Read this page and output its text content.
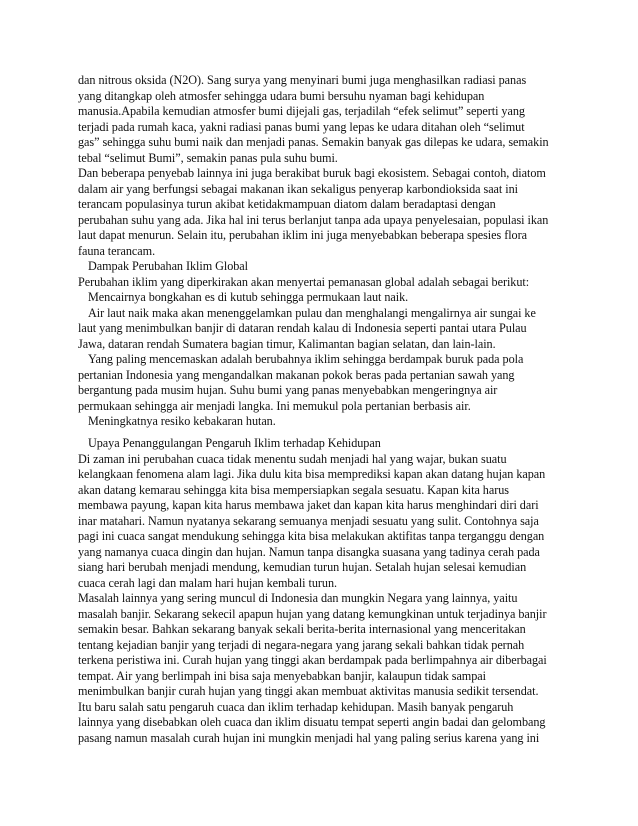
dan nitrous oksida (N2O). Sang surya yang menyinari bumi juga menghasilkan radiasi panas
yang ditangkap oleh atmosfer sehingga udara bumi bersuhu nyaman bagi kehidupan
manusia.Apabila kemudian atmosfer bumi dijejali gas, terjadilah “efek selimut” seperti yang
terjadi pada rumah kaca, yakni radiasi panas bumi yang lepas ke udara ditahan oleh “selimut
gas” sehingga suhu bumi naik dan menjadi panas. Semakin banyak gas dilepas ke udara, semakin
tebal “selimut Bumi”, semakin panas pula suhu bumi.
Dan beberapa penyebab lainnya ini juga berakibat buruk bagi ekosistem. Sebagai contoh, diatom
dalam air yang berfungsi sebagai makanan ikan sekaligus penyerap karbondioksida saat ini
terancam populasinya turun akibat ketidakmampuan diatom dalam beradaptasi dengan
perubahan suhu yang ada. Jika hal ini terus berlanjut tanpa ada upaya penyelesaian, populasi ikan
laut dapat menurun. Selain itu, perubahan iklim ini juga menyebabkan beberapa spesies flora
fauna terancam.
Dampak Perubahan Iklim Global
Perubahan iklim yang diperkirakan akan menyertai pemanasan global adalah sebagai berikut:
Mencairnya bongkahan es di kutub sehingga permukaan laut naik.
Air laut naik maka akan menenggelamkan pulau dan menghalangi mengalirnya air sungai ke
laut yang menimbulkan banjir di dataran rendah kalau di Indonesia seperti pantai utara Pulau
Jawa, dataran rendah Sumatera bagian timur, Kalimantan bagian selatan, dan lain-lain.
Yang paling mencemaskan adalah berubahnya iklim sehingga berdampak buruk pada pola
pertanian Indonesia yang mengandalkan makanan pokok beras pada pertanian sawah yang
bergantung pada musim hujan. Suhu bumi yang panas menyebabkan mengeringnya air
permukaan sehingga air menjadi langka. Ini memukul pola pertanian berbasis air.
Meningkatnya resiko kebakaran hutan.
Upaya Penanggulangan Pengaruh Iklim terhadap Kehidupan
Di zaman ini perubahan cuaca tidak menentu sudah menjadi hal yang wajar, bukan suatu
kelangkaan fenomena alam lagi. Jika dulu kita bisa memprediksi kapan akan datang hujan kapan
akan datang kemarau sehingga kita bisa mempersiapkan segala sesuatu. Kapan kita harus
membawa payung, kapan kita harus membawa jaket dan kapan kita harus menghindari diri dari
inar matahari. Namun nyatanya sekarang semuanya menjadi sesuatu yang sulit. Contohnya saja
pagi ini cuaca sangat mendukung sehingga kita bisa melakukan aktifitas tanpa terganggu dengan
yang namanya cuaca dingin dan hujan. Namun tanpa disangka suasana yang tadinya cerah pada
siang hari berubah menjadi mendung, kemudian turun hujan. Setalah hujan selesai kemudian
cuaca cerah lagi dan malam hari hujan kembali turun.
Masalah lainnya yang sering muncul di Indonesia dan mungkin Negara yang lainnya, yaitu
masalah banjir. Sekarang sekecil apapun hujan yang datang kemungkinan untuk terjadinya banjir
semakin besar. Bahkan sekarang banyak sekali berita-berita internasional yang menceritakan
tentang kejadian banjir yang terjadi di negara-negara yang jarang sekali bahkan tidak pernah
terkena peristiwa ini. Curah hujan yang tinggi akan berdampak pada berlimpahnya air diberbagai
tempat. Air yang berlimpah ini bisa saja menyebabkan banjir, kalaupun tidak sampai
menimbulkan banjir curah hujan yang tinggi akan membuat aktivitas manusia sedikit tersendat.
Itu baru salah satu pengaruh cuaca dan iklim terhadap kehidupan. Masih banyak pengaruh
lainnya yang disebabkan oleh cuaca dan iklim disuatu tempat seperti angin badai dan gelombang
pasang namun masalah curah hujan ini mungkin menjadi hal yang paling serius karena yang ini
